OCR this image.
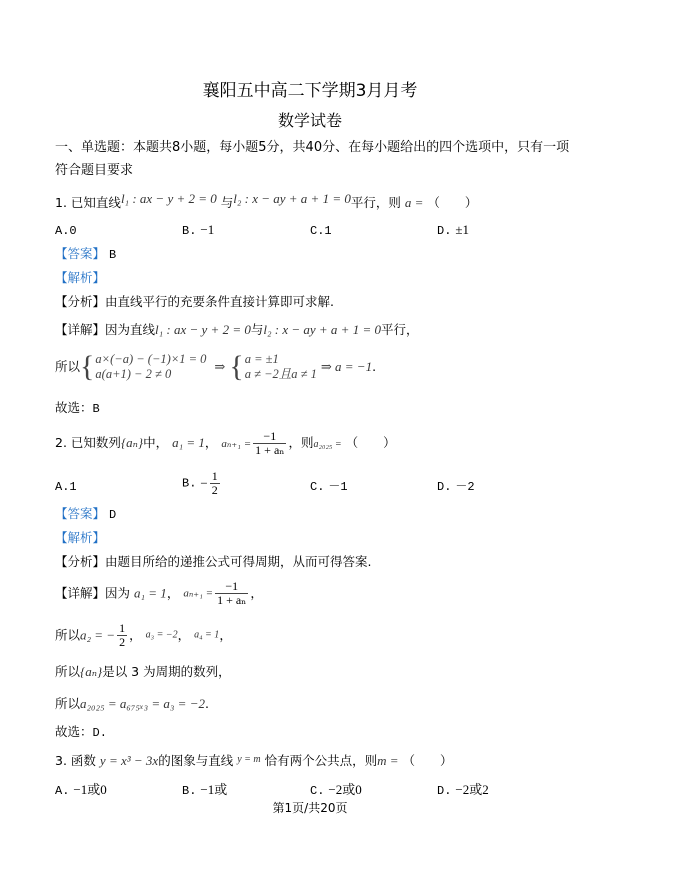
襄阳五中高二下学期3月月考
数学试卷
一、单选题：本题共8小题，每小题5分，共40分、在每小题给出的四个选项中，只有一项
符合题目要求
1. 已知直线l₁ : ax − y + 2 = 0 与l₂ : x − ay + a + 1 = 0平行，则 a = （　　）
A.0	B. −1	C.1	D. ±1
【答案】 B
【解析】
【分析】由直线平行的充要条件直接计算即可求解.
【详解】因为直线l₁ : ax − y + 2 = 0与l₂ : x − ay + a + 1 = 0平行，
所以{ a×(−a) − (−1)×1 = 0
a(a+1) − 2 ≠ 0	⇒ { a = ±1
a ≠ −2且a ≠ 1 ⇒ a = −1.
故选：B
2. 已知数列{aₙ}中， a₁ = 1， $a_{n+1} = \frac{-1}{\text{1 + aₙ}}$ ，则a₂₀₂₅ = （　　）
A.1	B. − $\frac{1}{2}$	C. －1	D. －2
【答案】 D
【解析】
【分析】由题目所给的递推公式可得周期，从而可得答案.
【详解】因为 a₁ = 1， $a_{n+1} = \frac{-1}{\text{1 + aₙ}}$ ，
所以a₂ = − $\frac{1}{2}$ ， a₃ = −2， a₄ = 1，
所以{aₙ}是以 3 为周期的数列，
所以a₂₀₂₅ = a₆₇₅ₓ₃ = a₃ = −2.
故选：D.
3. 函数 y = x³ − 3x的图象与直线 $^{y = m}$ 恰有两个公共点，则m = （　　）
A. −1或0	B. −1或	C. −2或0	D. −2或2
第1页/共20页
